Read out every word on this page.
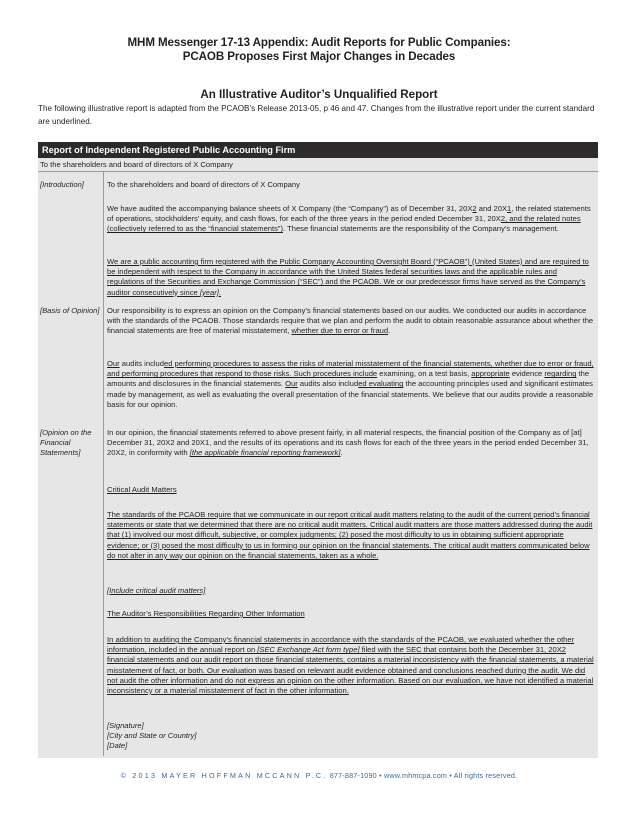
MHM Messenger 17-13 Appendix: Audit Reports for Public Companies:
PCAOB Proposes First Major Changes in Decades
An Illustrative Auditor’s Unqualified Report
The following illustrative report is adapted from the PCAOB’s Release 2013-05, p 46 and 47. Changes from the illustrative report under the current standard are underlined.
Report of Independent Registered Public Accounting Firm
To the shareholders and board of directors of X Company
[Introduction]
[Basis of Opinion]
[Opinion on the Financial Statements]
To the shareholders and board of directors of X Company
We have audited the accompanying balance sheets of X Company (the “Company”) as of December 31, 20X2 and 20X1, the related statements of operations, stockholders’ equity, and cash flows, for each of the three years in the period ended December 31, 20X2, and the related notes (collectively referred to as the “financial statements”). These financial statements are the responsibility of the Company’s management.
We are a public accounting firm registered with the Public Company Accounting Oversight Board (“PCAOB”) (United States) and are required to be independent with respect to the Company in accordance with the United States federal securities laws and the applicable rules and regulations of the Securities and Exchange Commission (“SEC”) and the PCAOB. We or our predecessor firms have served as the Company’s auditor consecutively since [year].
Our responsibility is to express an opinion on the Company’s financial statements based on our audits. We conducted our audits in accordance with the standards of the PCAOB. Those standards require that we plan and perform the audit to obtain reasonable assurance about whether the financial statements are free of material misstatement, whether due to error or fraud.
Our audits included performing procedures to assess the risks of material misstatement of the financial statements, whether due to error or fraud, and performing procedures that respond to those risks. Such procedures include examining, on a test basis, appropriate evidence regarding the amounts and disclosures in the financial statements. Our audits also included evaluating the accounting principles used and significant estimates made by management, as well as evaluating the overall presentation of the financial statements. We believe that our audits provide a reasonable basis for our opinion.
In our opinion, the financial statements referred to above present fairly, in all material respects, the financial position of the Company as of [at] December 31, 20X2 and 20X1, and the results of its operations and its cash flows for each of the three years in the period ended December 31, 20X2, in conformity with [the applicable financial reporting framework].
Critical Audit Matters
The standards of the PCAOB require that we communicate in our report critical audit matters relating to the audit of the current period’s financial statements or state that we determined that there are no critical audit matters. Critical audit matters are those matters addressed during the audit that (1) involved our most difficult, subjective, or complex judgments; (2) posed the most difficulty to us in obtaining sufficient appropriate evidence; or (3) posed the most difficulty to us in forming our opinion on the financial statements. The critical audit matters communicated below do not alter in any way our opinion on the financial statements, taken as a whole.
[Include critical audit matters]
The Auditor’s Responsibilities Regarding Other Information
In addition to auditing the Company’s financial statements in accordance with the standards of the PCAOB, we evaluated whether the other information, included in the annual report on [SEC Exchange Act form type] filed with the SEC that contains both the December 31, 20X2 financial statements and our audit report on those financial statements, contains a material inconsistency with the financial statements, a material misstatement of fact, or both. Our evaluation was based on relevant audit evidence obtained and conclusions reached during the audit. We did not audit the other information and do not express an opinion on the other information. Based on our evaluation, we have not identified a material inconsistency or a material misstatement of fact in the other information.
[Signature]
[City and State or Country]
[Date]
© 2013 MAYER HOFFMAN MCCANN P.C. 877-887-1090 • www.mhmcpa.com • All rights reserved.
